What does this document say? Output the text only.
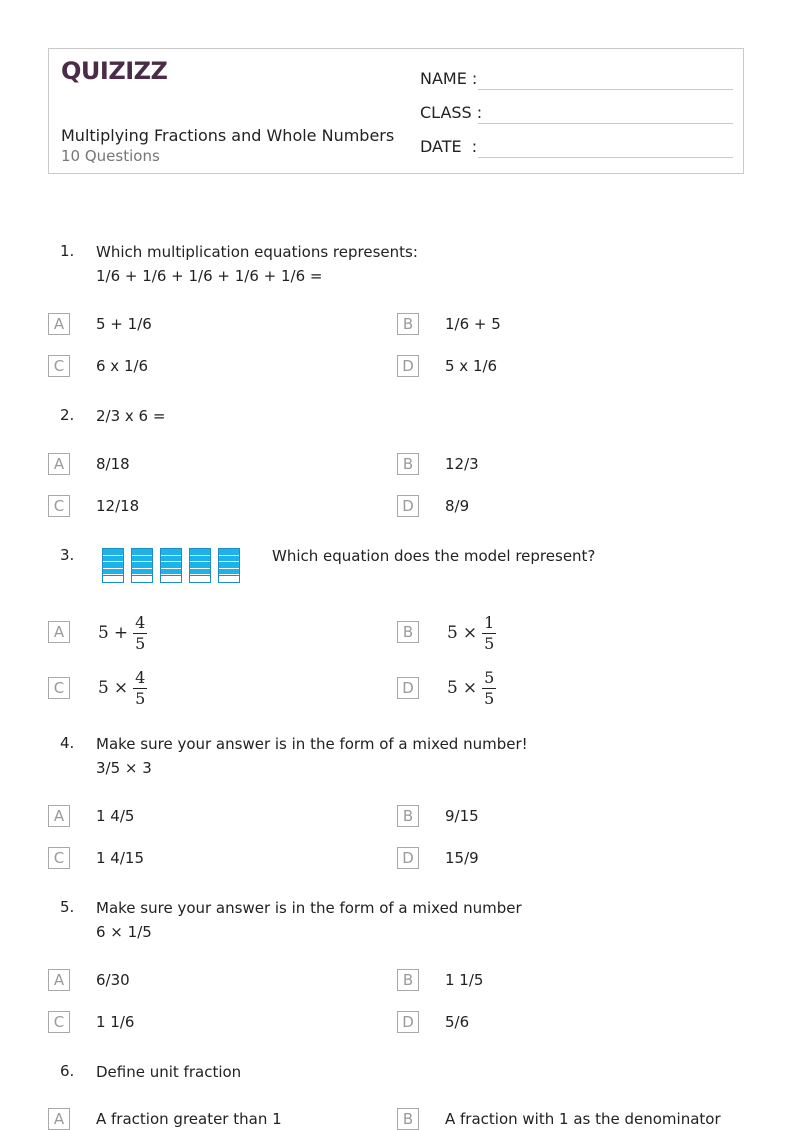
QUIZIZZ
Multiplying Fractions and Whole Numbers
10 Questions
NAME :
CLASS :
DATE  :
1. Which multiplication equations represents:
1/6 + 1/6 + 1/6 + 1/6 + 1/6 =
A	5 + 1/6	B	1/6 + 5
C	6 x 1/6	D	5 x 1/6
2. 2/3 x 6 =
A	8/18	B	12/3
C	12/18	D	8/9
3.	Which equation does the model represent?
A	$5 + \frac{4}{5}$	B	$5 \times \frac{1}{5}$
C	$5 \times \frac{4}{5}$	D	$5 \times \frac{5}{5}$
4. Make sure your answer is in the form of a mixed number!
3/5 × 3
A	1 4/5	B	9/15
C	1 4/15	D	15/9
5. Make sure your answer is in the form of a mixed number
6 × 1/5
A	6/30	B	1 1/5
C	1 1/6	D	5/6
6. Define unit fraction
A	A fraction greater than 1	B	A fraction with 1 as the denominator
